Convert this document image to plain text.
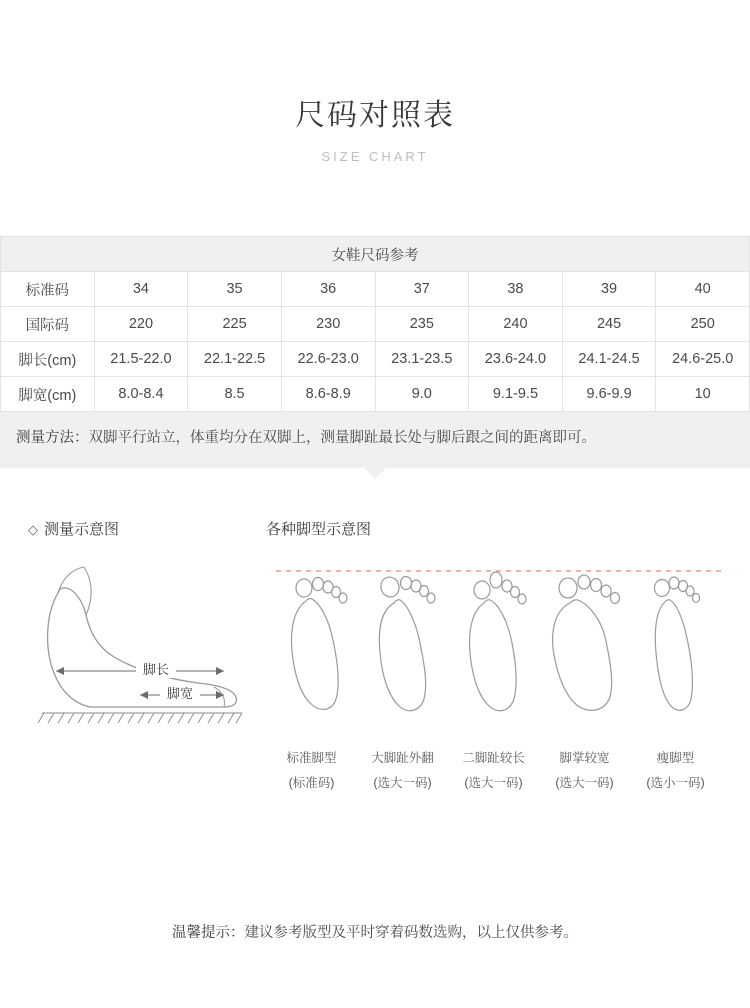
尺码对照表
SIZE CHART
女鞋尺码参考							
标准码	34	35	36	37	38	39	40
国际码	220	225	230	235	240	245	250
脚长(cm)	21.5-22.0	22.1-22.5	22.6-23.0	23.1-23.5	23.6-24.0	24.1-24.5	24.6-25.0
脚宽(cm)	8.0-8.4	8.5	8.6-8.9	9.0	9.1-9.5	9.6-9.9	10
测量方法：双脚平行站立，体重均分在双脚上，测量脚趾最长处与脚后跟之间的距离即可。
◇ 测量示意图
脚长
脚宽
各种脚型示意图
标准脚型
(标准码)
大脚趾外翻
(选大一码)
二脚趾较长
(选大一码)
脚掌较宽
(选大一码)
瘦脚型
(选小一码)
温馨提示：建议参考版型及平时穿着码数选购，以上仅供参考。
